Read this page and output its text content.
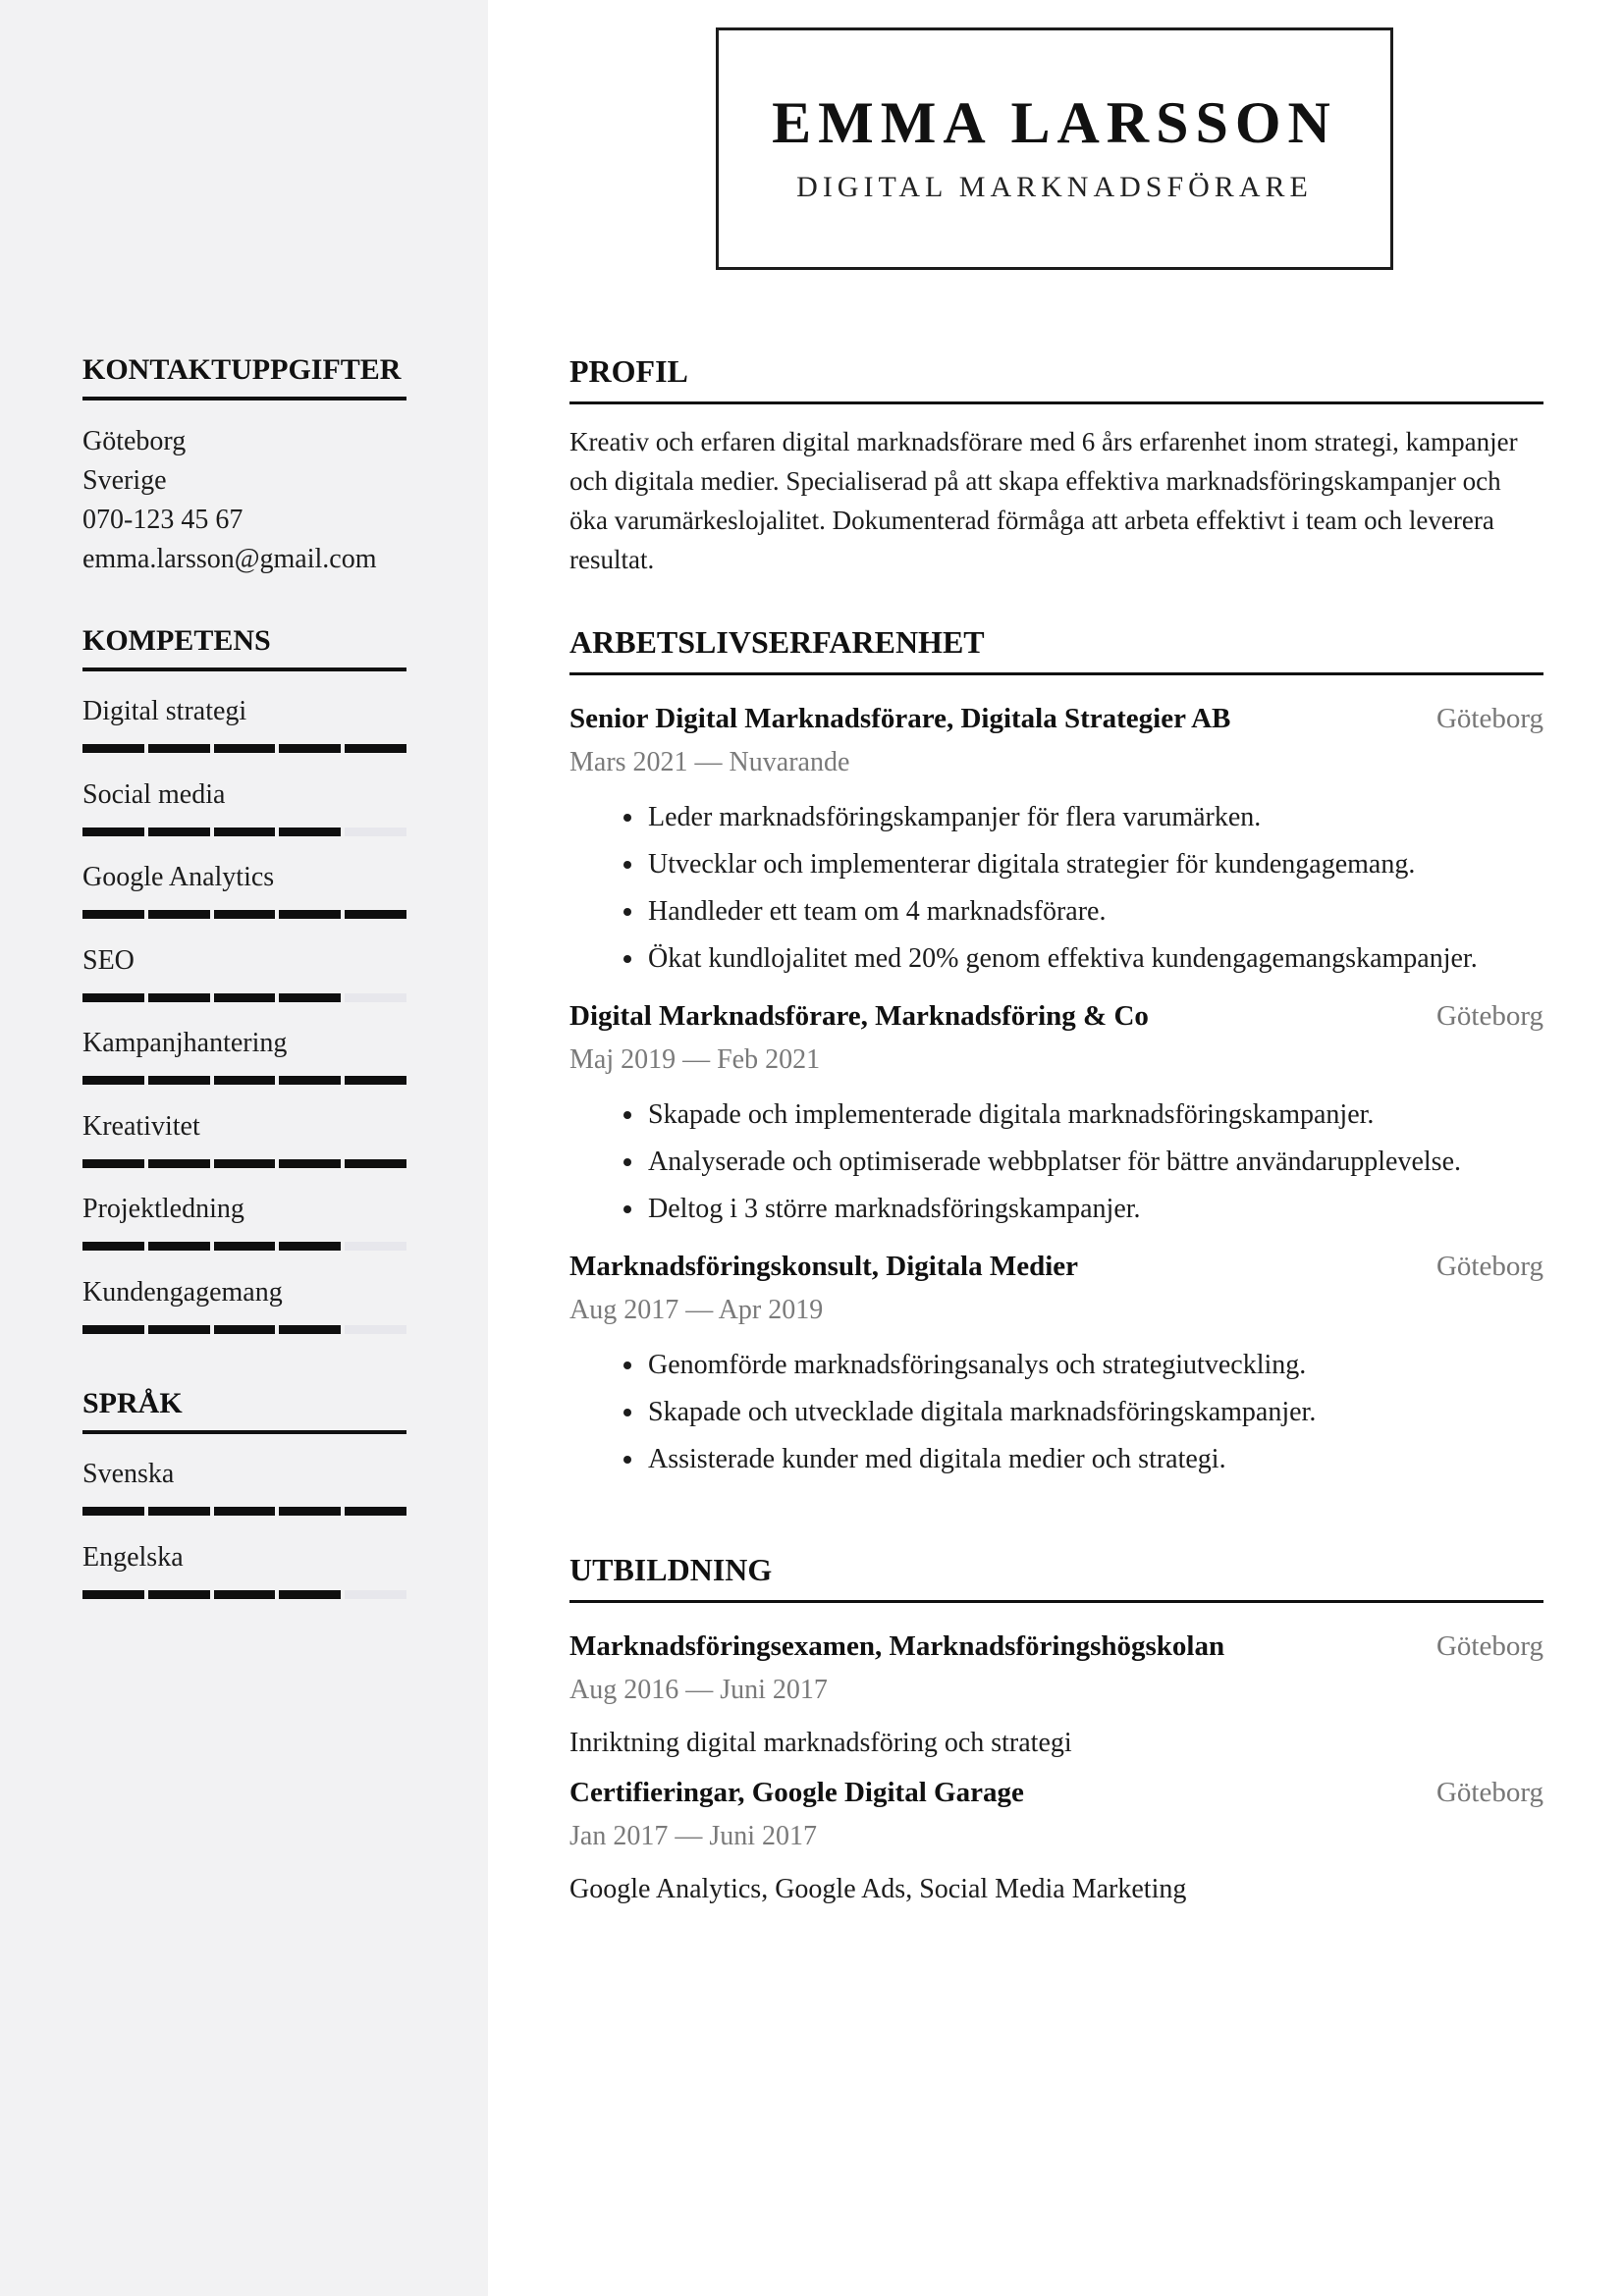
EMMA LARSSON
DIGITAL MARKNADSFÖRARE
KONTAKTUPPGIFTER
Göteborg
Sverige
070-123 45 67
emma.larsson@gmail.com
KOMPETENS
Digital strategi
Social media
Google Analytics
SEO
Kampanjhantering
Kreativitet
Projektledning
Kundengagemang
SPRÅK
Svenska
Engelska
PROFIL
Kreativ och erfaren digital marknadsförare med 6 års erfarenhet inom strategi, kampanjer och digitala medier. Specialiserad på att skapa effektiva marknadsföringskampanjer och öka varumärkeslojalitet. Dokumenterad förmåga att arbeta effektivt i team och leverera resultat.
ARBETSLIVSERFARENHET
Senior Digital Marknadsförare, Digitala Strategier AB	Göteborg
Mars 2021 — Nuvarande
• Leder marknadsföringskampanjer för flera varumärken.
• Utvecklar och implementerar digitala strategier för kundengagemang.
• Handleder ett team om 4 marknadsförare.
• Ökat kundlojalitet med 20% genom effektiva kundengagemangskampanjer.
Digital Marknadsförare, Marknadsföring & Co	Göteborg
Maj 2019 — Feb 2021
• Skapade och implementerade digitala marknadsföringskampanjer.
• Analyserade och optimiserade webbplatser för bättre användarupplevelse.
• Deltog i 3 större marknadsföringskampanjer.
Marknadsföringskonsult, Digitala Medier	Göteborg
Aug 2017 — Apr 2019
• Genomförde marknadsföringsanalys och strategiutveckling.
• Skapade och utvecklade digitala marknadsföringskampanjer.
• Assisterade kunder med digitala medier och strategi.
UTBILDNING
Marknadsföringsexamen, Marknadsföringshögskolan	Göteborg
Aug 2016 — Juni 2017
Inriktning digital marknadsföring och strategi
Certifieringar, Google Digital Garage	Göteborg
Jan 2017 — Juni 2017
Google Analytics, Google Ads, Social Media Marketing
